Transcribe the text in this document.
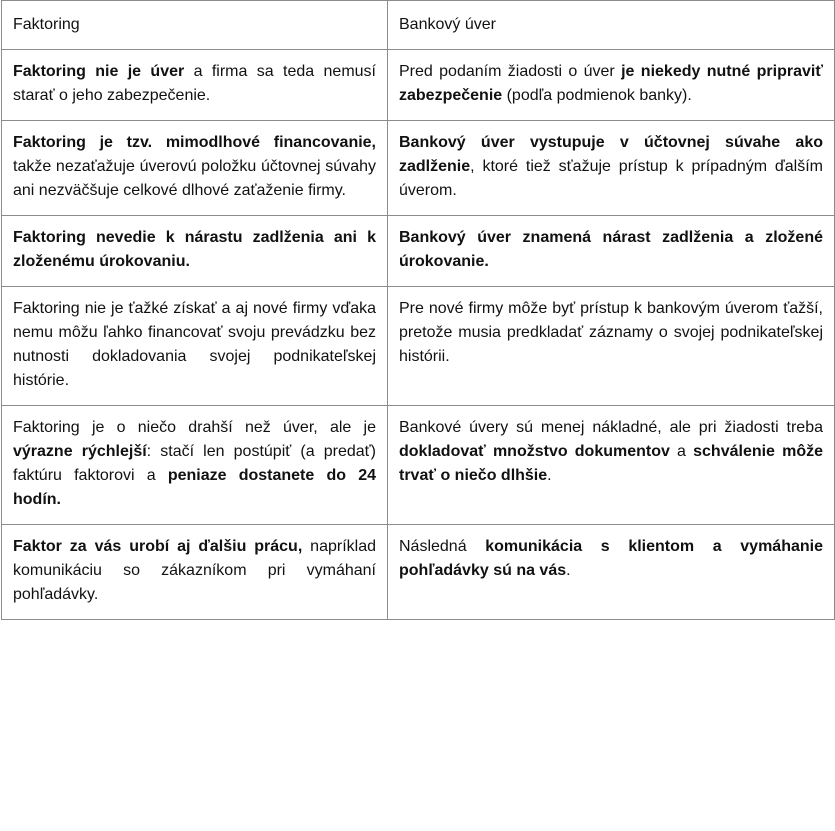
Faktoring	Bankový úver
Faktoring nie je úver a firma sa teda nemusí starať o jeho zabezpečenie.	Pred podaním žiadosti o úver je niekedy nutné pripraviť zabezpečenie (podľa podmienok banky).
Faktoring je tzv. mimodlhové financovanie, takže nezaťažuje úverovú položku účtovnej súvahy ani nezväčšuje celkové dlhové zaťaženie firmy.	Bankový úver vystupuje v účtovnej súvahe ako zadlženie, ktoré tiež sťažuje prístup k prípadným ďalším úverom.
Faktoring nevedie k nárastu zadlženia ani k zloženému úrokovaniu.	Bankový úver znamená nárast zadlženia a zložené úrokovanie.
Faktoring nie je ťažké získať a aj nové firmy vďaka nemu môžu ľahko financovať svoju prevádzku bez nutnosti dokladovania svojej podnikateľskej histórie.	Pre nové firmy môže byť prístup k bankovým úverom ťažší, pretože musia predkladať záznamy o svojej podnikateľskej histórii.
Faktoring je o niečo drahší než úver, ale je výrazne rýchlejší: stačí len postúpiť (a predať) faktúru faktorovi a peniaze dostanete do 24 hodín.	Bankové úvery sú menej nákladné, ale pri žiadosti treba dokladovať množstvo dokumentov a schválenie môže trvať o niečo dlhšie.
Faktor za vás urobí aj ďalšiu prácu, napríklad komunikáciu so zákazníkom pri vymáhaní pohľadávky.	Následná komunikácia s klientom a vymáhanie pohľadávky sú na vás.
